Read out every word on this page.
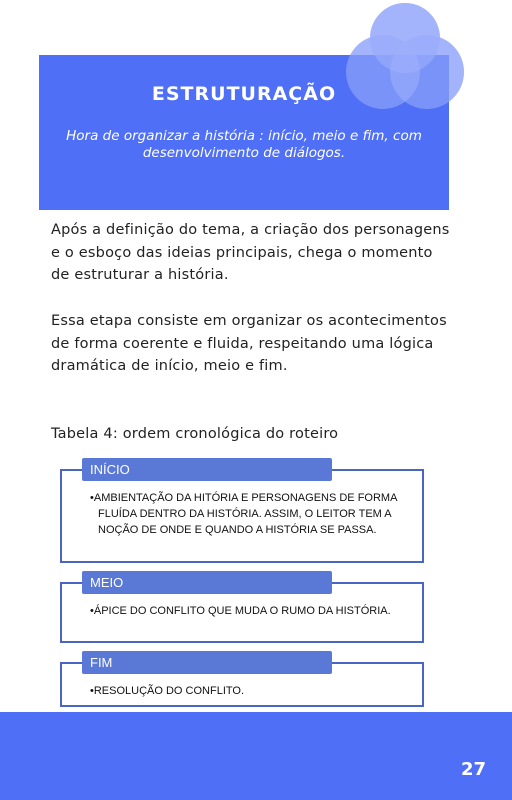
ESTRUTURAÇÃO
Hora de organizar a história : início, meio e fim, com desenvolvimento de diálogos.
Após a definição do tema, a criação dos personagens e o esboço das ideias principais, chega o momento de estruturar a história.
Essa etapa consiste em organizar os acontecimentos de forma coerente e fluida, respeitando uma lógica dramática de início, meio e fim.
Tabela 4: ordem cronológica do roteiro
•AMBIENTAÇÃO DA HITÓRIA E PERSONAGENS DE FORMA FLUÍDA DENTRO DA HISTÓRIA. ASSIM, O LEITOR TEM A NOÇÃO DE ONDE E QUANDO A HISTÓRIA SE PASSA.
INÍCIO
•ÁPICE DO CONFLITO QUE MUDA O RUMO DA HISTÓRIA.
MEIO
•RESOLUÇÃO DO CONFLITO.
FIM
27
